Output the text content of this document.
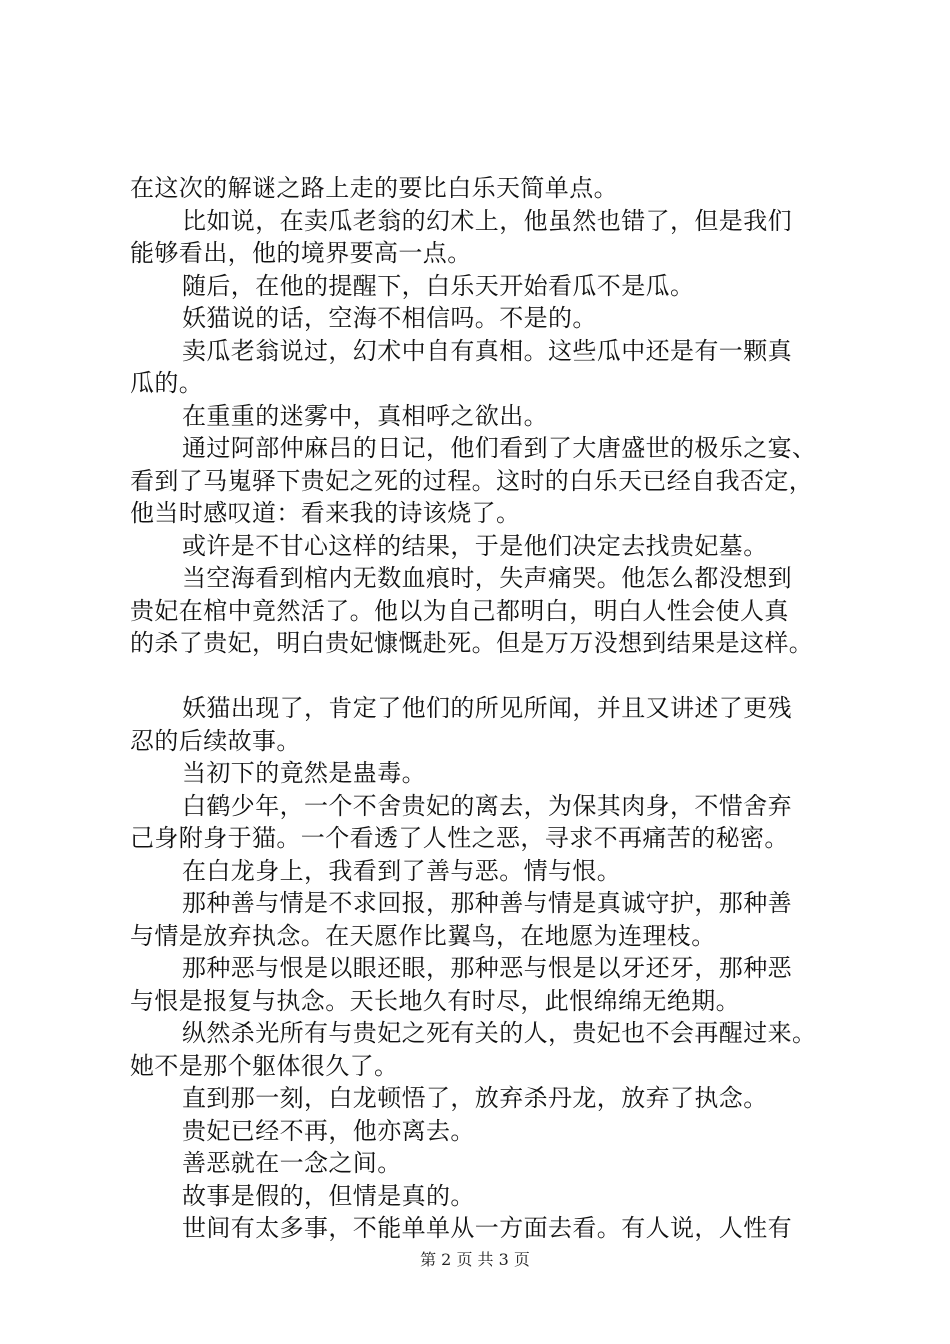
在这次的解谜之路上走的要比白乐天简单点。
比如说，在卖瓜老翁的幻术上，他虽然也错了，但是我们
能够看出，他的境界要高一点。
随后，在他的提醒下，白乐天开始看瓜不是瓜。
妖猫说的话，空海不相信吗。不是的。
卖瓜老翁说过，幻术中自有真相。这些瓜中还是有一颗真
瓜的。
在重重的迷雾中，真相呼之欲出。
通过阿部仲麻吕的日记，他们看到了大唐盛世的极乐之宴、
看到了马嵬驿下贵妃之死的过程。这时的白乐天已经自我否定，
他当时感叹道：看来我的诗该烧了。
或许是不甘心这样的结果，于是他们决定去找贵妃墓。
当空海看到棺内无数血痕时，失声痛哭。他怎么都没想到
贵妃在棺中竟然活了。他以为自己都明白，明白人性会使人真
的杀了贵妃，明白贵妃慷慨赴死。但是万万没想到结果是这样。
妖猫出现了，肯定了他们的所见所闻，并且又讲述了更残
忍的后续故事。
当初下的竟然是蛊毒。
白鹤少年，一个不舍贵妃的离去，为保其肉身，不惜舍弃
己身附身于猫。一个看透了人性之恶，寻求不再痛苦的秘密。
在白龙身上，我看到了善与恶。情与恨。
那种善与情是不求回报，那种善与情是真诚守护，那种善
与情是放弃执念。在天愿作比翼鸟，在地愿为连理枝。
那种恶与恨是以眼还眼，那种恶与恨是以牙还牙，那种恶
与恨是报复与执念。天长地久有时尽，此恨绵绵无绝期。
纵然杀光所有与贵妃之死有关的人，贵妃也不会再醒过来。
她不是那个躯体很久了。
直到那一刻，白龙顿悟了，放弃杀丹龙，放弃了执念。
贵妃已经不再，他亦离去。
善恶就在一念之间。
故事是假的，但情是真的。
世间有太多事，不能单单从一方面去看。有人说，人性有
第 2 页 共 3 页
